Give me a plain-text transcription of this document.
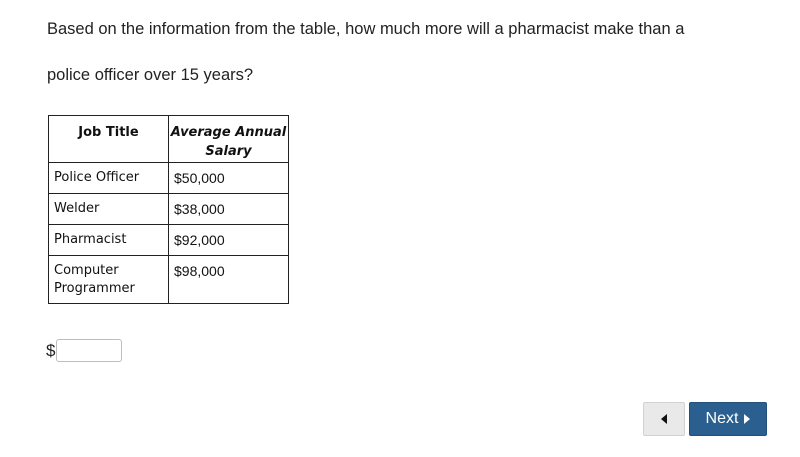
Based on the information from the table, how much more will a pharmacist make than a
police officer over 15 years?

Job Title	Average Annual Salary
Police Officer	$50,000
Welder	$38,000
Pharmacist	$92,000
Computer Programmer	$98,000
$
Next
